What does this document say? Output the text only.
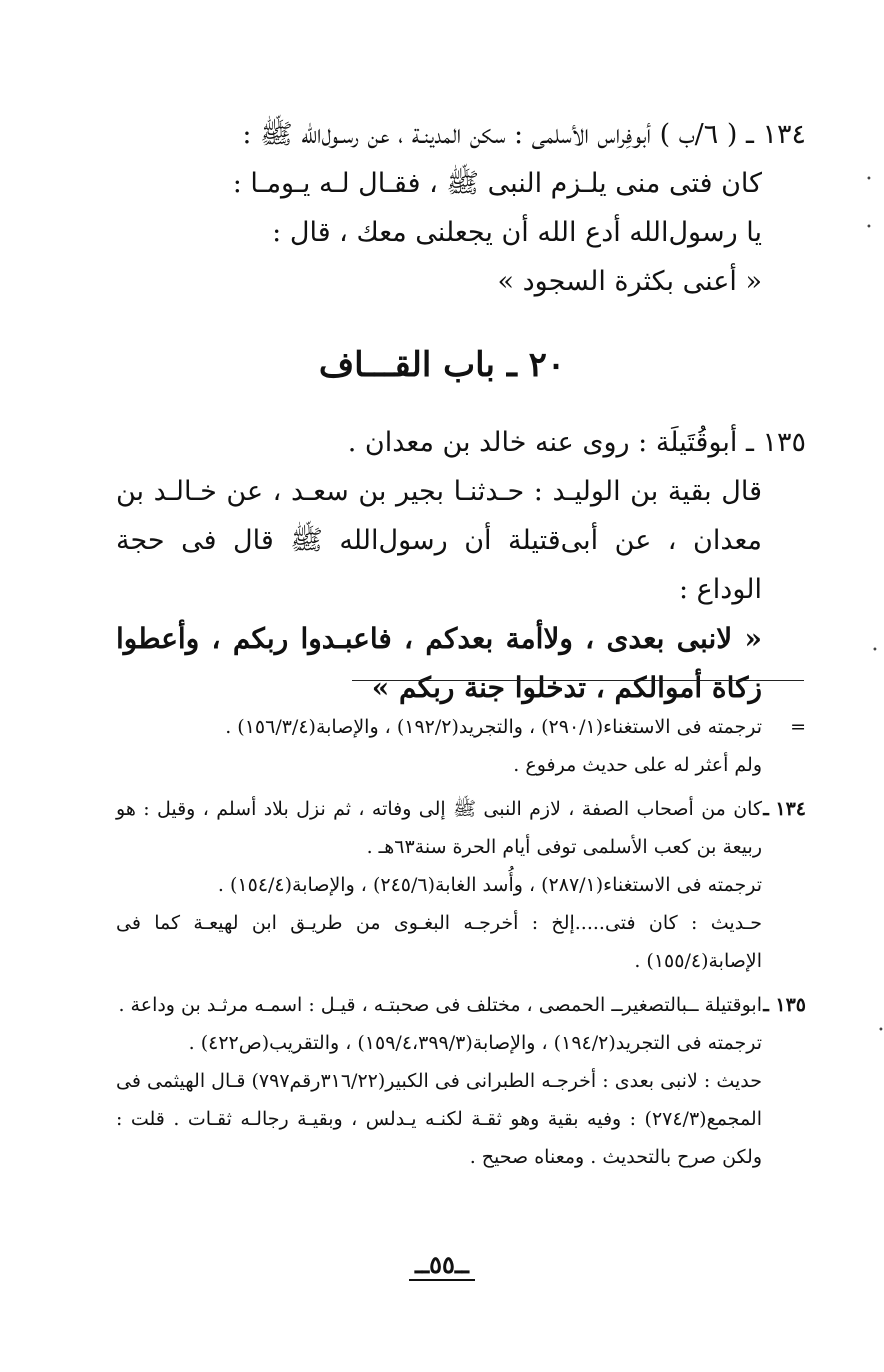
١٣٤ ـ ( ٦/ب ) أبوفِراس الأسلمى : سكن المدينـة ، عن رسـول‌الله ﷺ :

كان فتى منى يلـزم النبى ﷺ ، فقـال لـه يـومـا :

يا رسول‌الله أدع الله أن يجعلنى معك ، قال :

« أعنى بكثرة السجود »

٢٠ ـ باب القـــاف

١٣٥ ـ أبوقُتَيلَة : روى عنه خالد بن معدان .

قال بقية بن الوليـد : حـدثنـا بجير بن سعـد ، عن خـالـد بن معدان ، عن أبى‌قتيلة أن رسول‌الله ﷺ قال فى حجة الوداع :

« لانبى بعدى ، ولاأمة بعدكم ، فاعبـدوا ربكم ، وأعطوا زكاة أموالكم ، تدخلوا جنة ربكم »

=

ترجمته فى الاستغناء(٢٩٠/١) ، والتجريد(١٩٢/٢) ، والإصابة(١٥٦/٣/٤) .

ولم أعثر له على حديث مرفوع .

١٣٤ ـ

كان من أصحاب الصفة ، لازم النبى ﷺ إلى وفاته ، ثم نزل بلاد أسلم ، وقيل : هو ربيعة بن كعب الأسلمى توفى أيام الحرة سنة٦٣هـ .

ترجمته فى الاستغناء(٢٨٧/١) ، وأُسد الغابة(٢٤٥/٦) ، والإصابة(١٥٤/٤) .

حـديث : كان فتى.....إلخ : أخرجـه البغـوى من طريـق ابن لهيعـة كما فى الإصابة(١٥٥/٤) .

١٣٥ ـ

ابوقتيلة ــبالتصغيرــ الحمصى ، مختلف فى صحبتـه ، قيـل : اسمـه مرثـد بن وداعة .

ترجمته فى التجريد(١٩٤/٢) ، والإصابة(١٥٩/٤،٣٩٩/٣) ، والتقريب(ص٤٢٢) .

حديث : لانبى بعدى : أخرجـه الطبرانى فى الكبير(٣١٦/٢٢رقم٧٩٧) قـال الهيثمى فى المجمع(٢٧٤/٣) : وفيه بقية وهو ثقـة لكنـه يـدلس ، وبقيـة رجالـه ثقـات . قلت : ولكن صرح بالتحديث . ومعناه صحيح .

ــ٥٥ــ
•
•
•
•
